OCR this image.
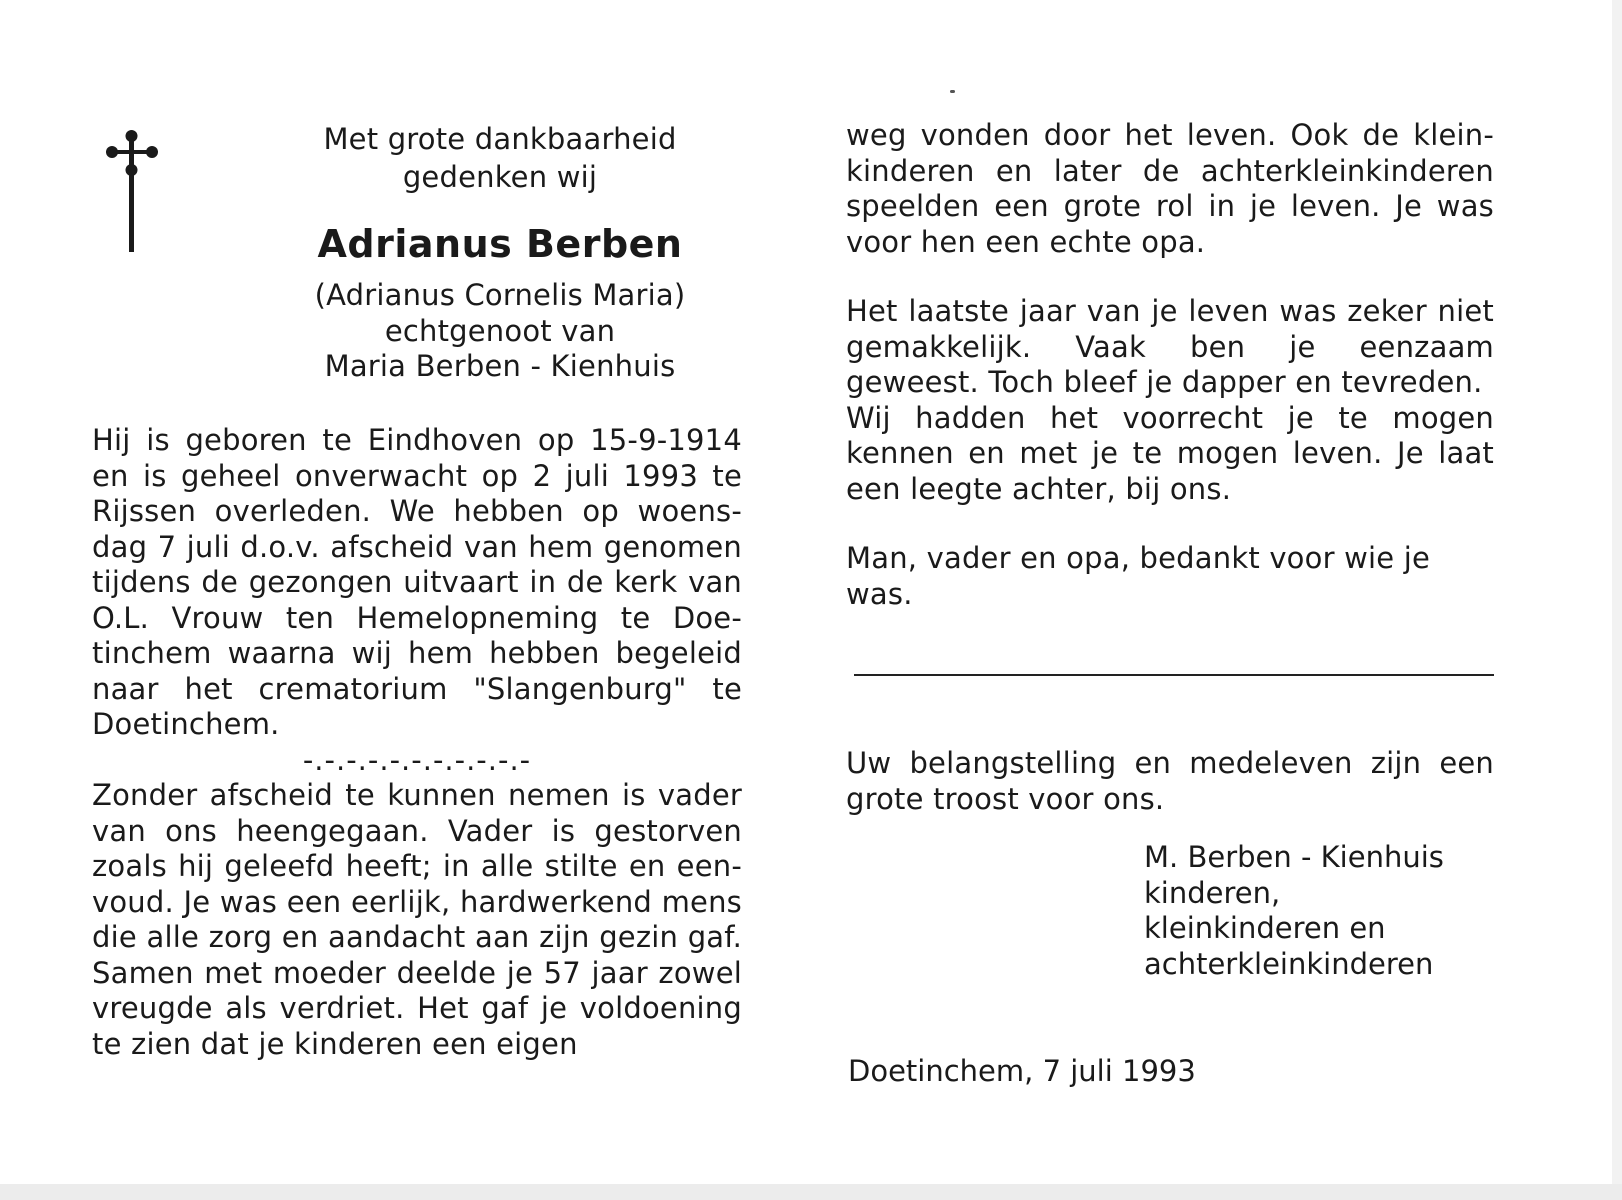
Met grote dankbaarheid

gedenken wij

Adrianus Berben

(Adrianus Cornelis Maria)

echtgenoot van

Maria Berben - Kienhuis

Hij is geboren te Eindhoven op 15-9-1914 en is geheel onverwacht op 2 juli 1993 te Rijssen overleden. We hebben op woens-dag 7 juli d.o.v. afscheid van hem genomen tijdens de gezongen uitvaart in de kerk van O.L. Vrouw ten Hemelopneming te Doe-tinchem waarna wij hem hebben begeleid naar het crematorium "Slangenburg" te Doetinchem.

-.-.-.-.-.-.-.-.-.-.-

Zonder afscheid te kunnen nemen is vader van ons heengegaan. Vader is gestorven zoals hij geleefd heeft; in alle stilte en een-voud. Je was een eerlijk, hardwerkend mens die alle zorg en aandacht aan zijn gezin gaf. Samen met moeder deelde je 57 jaar zowel vreugde als verdriet. Het gaf je voldoening te zien dat je kinderen een eigen

weg vonden door het leven. Ook de klein-kinderen en later de achterkleinkinderen speelden een grote rol in je leven. Je was voor hen een echte opa.

Het laatste jaar van je leven was zeker niet gemakkelijk. Vaak ben je eenzaam geweest. Toch bleef je dapper en tevreden.

Wij hadden het voorrecht je te mogen kennen en met je te mogen leven. Je laat een leegte achter, bij ons.

Man, vader en opa, bedankt voor wie je was.

Uw belangstelling en medeleven zijn een grote troost voor ons.

M. Berben - Kienhuis

kinderen,

kleinkinderen en

achterkleinkinderen

Doetinchem, 7 juli 1993
